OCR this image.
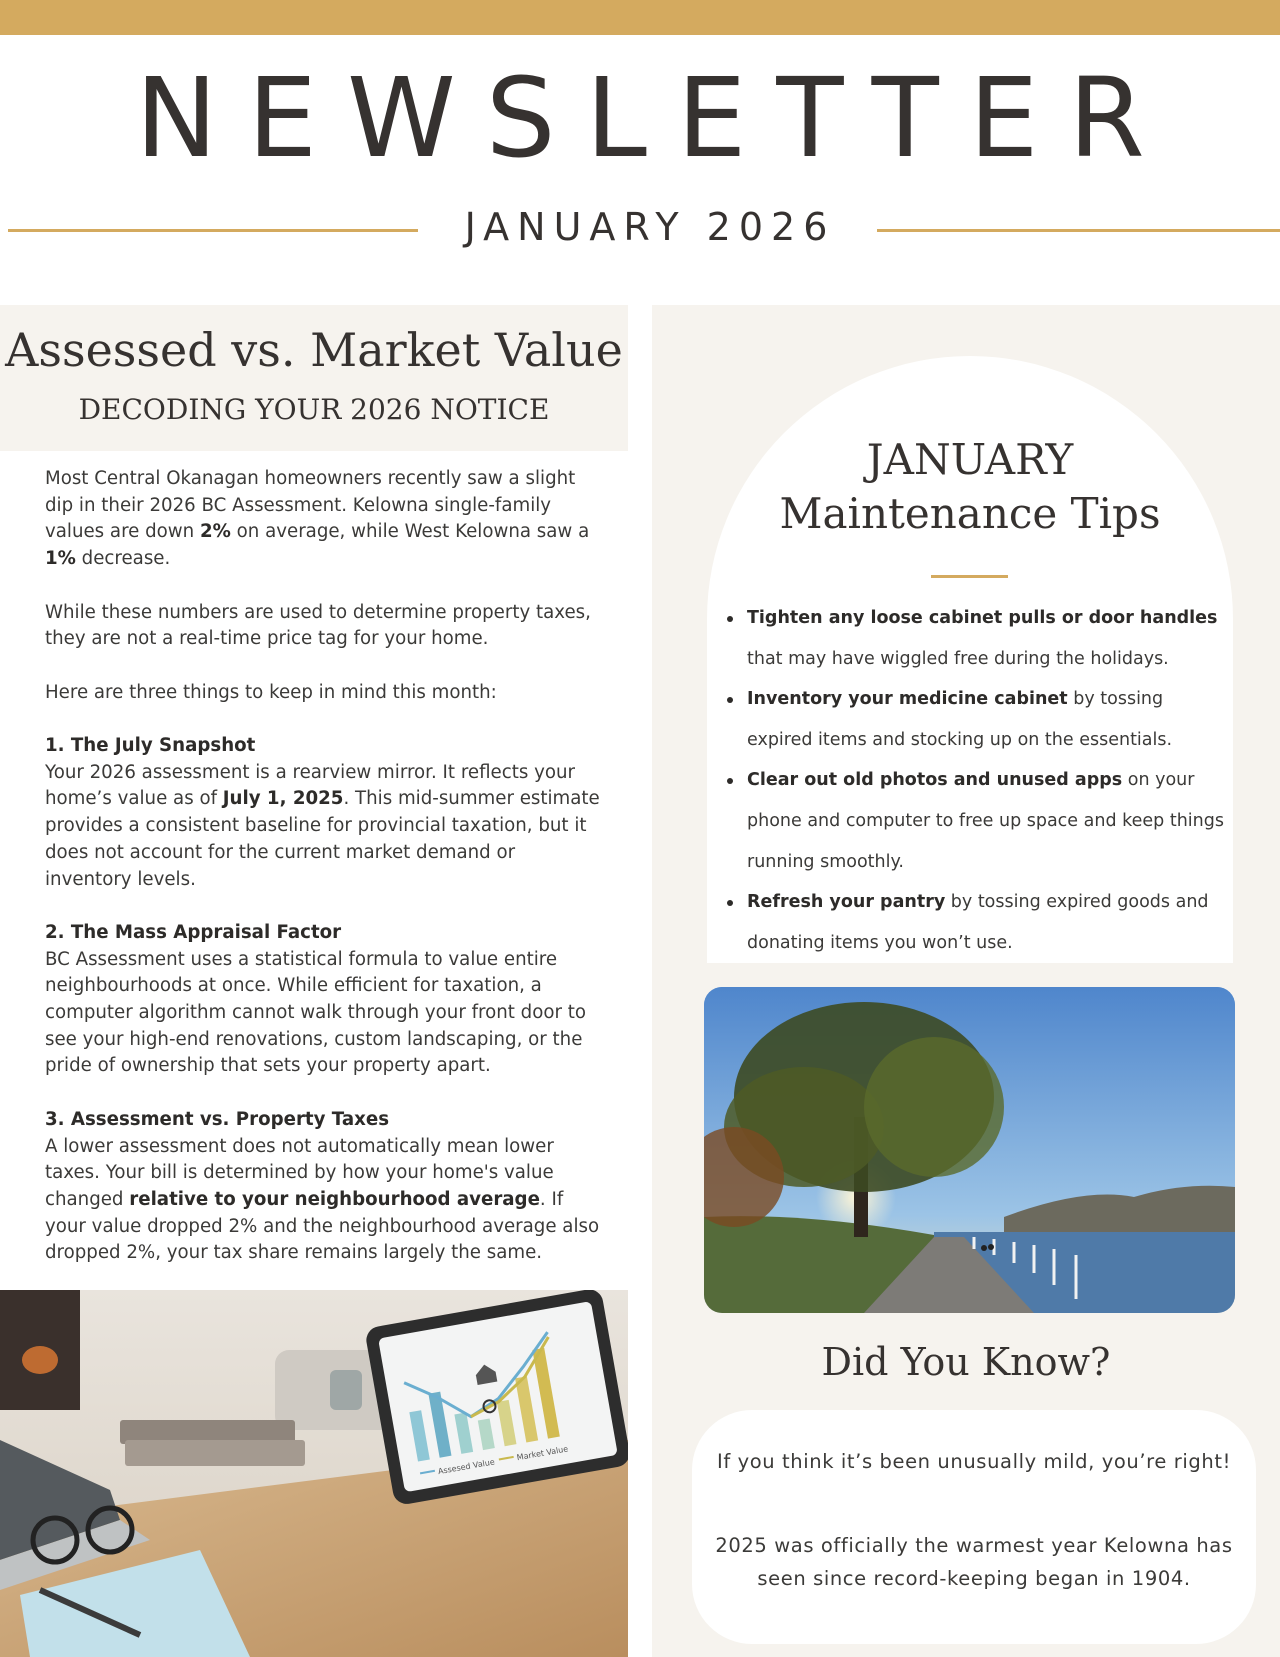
NEWSLETTER
JANUARY 2026
Assessed vs. Market Value
DECODING YOUR 2026 NOTICE

Most Central Okanagan homeowners recently saw a slight dip in their 2026 BC Assessment. Kelowna single-family values are down 2% on average, while West Kelowna saw a 1% decrease.

While these numbers are used to determine property taxes, they are not a real-time price tag for your home.

Here are three things to keep in mind this month:

1. The July Snapshot
Your 2026 assessment is a rearview mirror. It reflects your home’s value as of July 1, 2025. This mid-summer estimate provides a consistent baseline for provincial taxation, but it does not account for the current market demand or inventory levels.

2. The Mass Appraisal Factor
BC Assessment uses a statistical formula to value entire neighbourhoods at once. While efficient for taxation, a computer algorithm cannot walk through your front door to see your high-end renovations, custom landscaping, or the pride of ownership that sets your property apart.

3. Assessment vs. Property Taxes
A lower assessment does not automatically mean lower taxes. Your bill is determined by how your home's value changed relative to your neighbourhood average. If your value dropped 2% and the neighbourhood average also dropped 2%, your tax share remains largely the same.

Assesed Value
Market Value
JANUARY
Maintenance Tips
Tighten any loose cabinet pulls or door handles that may have wiggled free during the holidays.
Inventory your medicine cabinet by tossing expired items and stocking up on the essentials.
Clear out old photos and unused apps on your phone and computer to free up space and keep things running smoothly.
Refresh your pantry by tossing expired goods and donating items you won’t use.
Did You Know?
If you think it’s been unusually mild, you’re right!
2025 was officially the warmest year Kelowna has seen since record-keeping began in 1904.
